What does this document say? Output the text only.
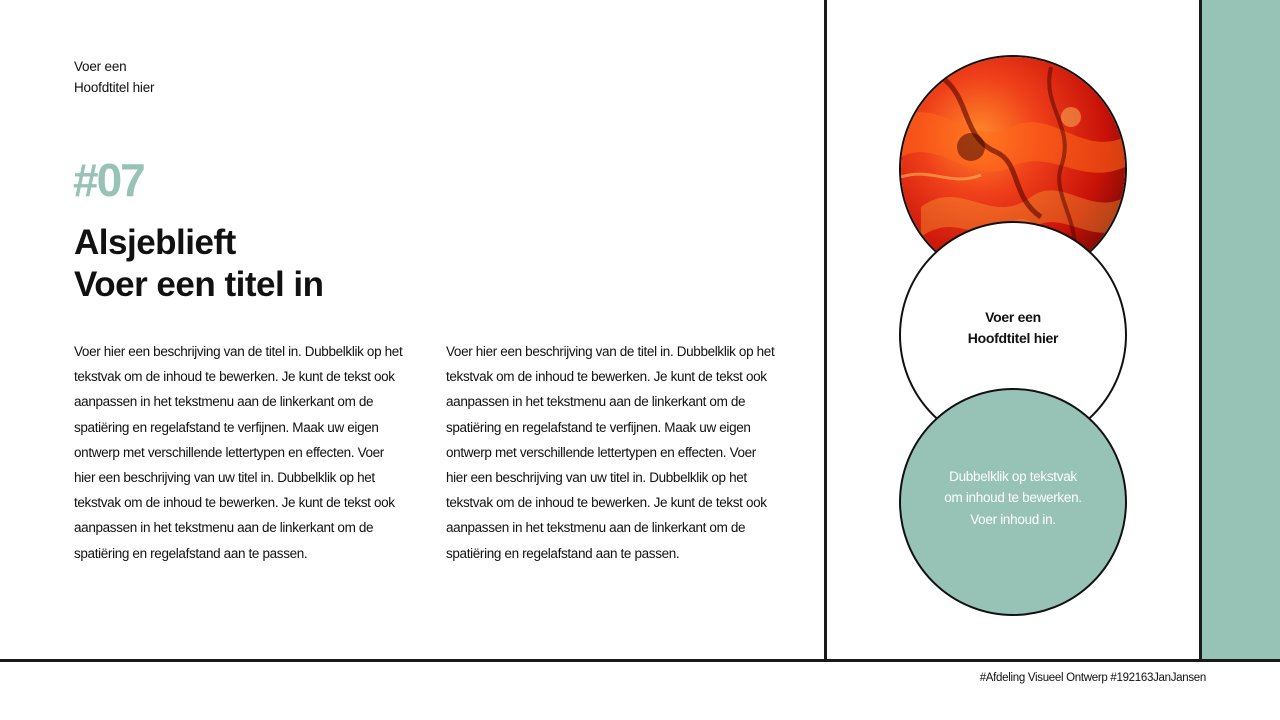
Voer een
Hoofdtitel hier
#07
Alsjeblieft
Voer een titel in
Voer hier een beschrijving van de titel in. Dubbelklik op het tekstvak om de inhoud te bewerken. Je kunt de tekst ook aanpassen in het tekstmenu aan de linkerkant om de spatiëring en regelafstand te verfijnen. Maak uw eigen ontwerp met verschillende lettertypen en effecten. Voer hier een beschrijving van uw titel in. Dubbelklik op het tekstvak om de inhoud te bewerken. Je kunt de tekst ook aanpassen in het tekstmenu aan de linkerkant om de spatiëring en regelafstand aan te passen.
Voer hier een beschrijving van de titel in. Dubbelklik op het tekstvak om de inhoud te bewerken. Je kunt de tekst ook aanpassen in het tekstmenu aan de linkerkant om de spatiëring en regelafstand te verfijnen. Maak uw eigen ontwerp met verschillende lettertypen en effecten. Voer hier een beschrijving van uw titel in. Dubbelklik op het tekstvak om de inhoud te bewerken. Je kunt de tekst ook aanpassen in het tekstmenu aan de linkerkant om de spatiëring en regelafstand aan te passen.
Voer een
Hoofdtitel hier
Dubbelklik op tekstvak om inhoud te bewerken. Voer inhoud in.
#Afdeling Visueel Ontwerp #192163JanJansen
